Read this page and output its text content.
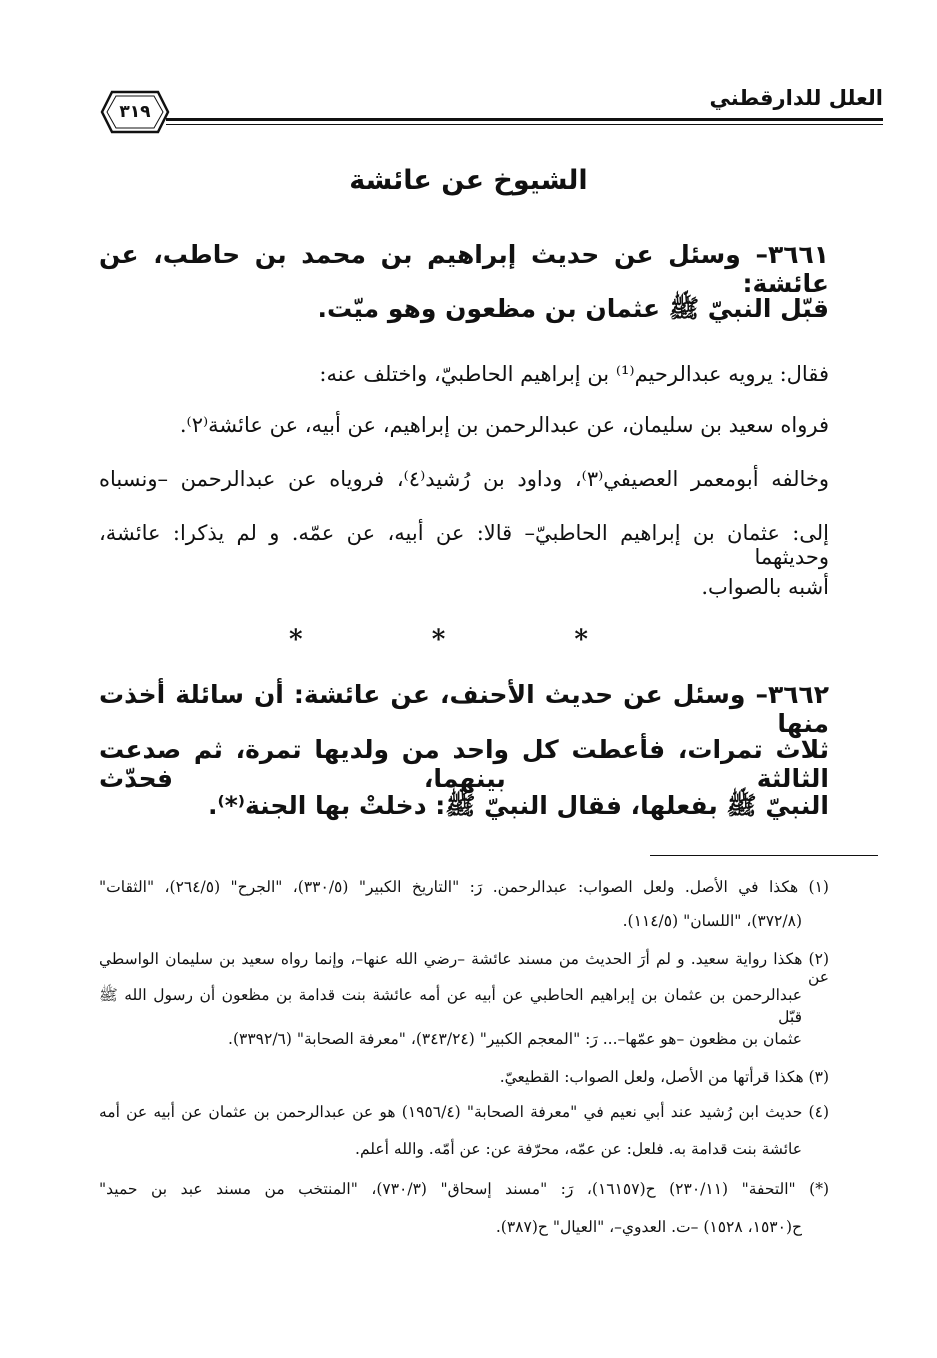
العلل للدارقطني
٣١٩
الشيوخ عن عائشة
٣٦٦١– وسئل عن حديث إبراهيم بن محمد بن حاطب، عن عائشة:
قبّل النبيّ ﷺ عثمان بن مظعون وهو ميّت.
فقال: يرويه عبدالرحيم⁽¹⁾ بن إبراهيم الحاطبيّ، واختلف عنه:
فرواه سعيد بن سليمان، عن عبدالرحمن بن إبراهيم، عن أبيه، عن عائشة⁽٢⁾.
وخالفه أبومعمر العصيفي⁽٣⁾، وداود بن رُشيد⁽٤⁾، فروياه عن عبدالرحمن –ونسباه
إلى: عثمان بن إبراهيم الحاطبيّ– قالا: عن أبيه، عن عمّه. و لم يذكرا: عائشة، وحديثهما
أشبه بالصواب.
* * *
٣٦٦٢– وسئل عن حديث الأحنف، عن عائشة: أن سائلة أخذت منها
ثلاث تمرات، فأعطت كل واحد من ولديها تمرة، ثم صدعت الثالثة بينهما، فحدّث
النبيّ ﷺ بفعلها، فقال النبيّ ﷺ: دخلتْ بها الجنة⁽*⁾.
(١) هكذا في الأصل. ولعل الصواب: عبدالرحمن. رَ: "التاريخ الكبير" (٣٣٠/٥)، "الجرح" (٢٦٤/٥)، "الثقات"
(٣٧٢/٨)، "اللسان" (١١٤/٥).
(٢) هكذا رواية سعيد. و لم أرَ الحديث من مسند عائشة –رضي الله عنها–، وإنما رواه سعيد بن سليمان الواسطي عن
عبدالرحمن بن عثمان بن إبراهيم الحاطبي عن أبيه عن أمه عائشة بنت قدامة بن مظعون أن رسول الله ﷺ قبّل
عثمان بن مظعون –هو عمّها–... رَ: "المعجم الكبير" (٣٤٣/٢٤)، "معرفة الصحابة" (٣٣٩٢/٦).
(٣) هكذا قرأتها من الأصل، ولعل الصواب: القطيعيّ.
(٤) حديث ابن رُشيد عند أبي نعيم في "معرفة الصحابة" (١٩٥٦/٤) هو عن عبدالرحمن بن عثمان عن أبيه عن أمه
عائشة بنت قدامة به. فلعل: عن عمّه، محرّفة عن: عن أمّه. والله أعلم.
(*) "التحفة" (٢٣٠/١١) ح(١٦١٥٧)، رَ: "مسند إسحاق" (٧٣٠/٣)، "المنتخب من مسند عبد بن حميد"
ح(١٥٣٠، ١٥٢٨) –ت. العدوي–، "العيال" ح(٣٨٧).
